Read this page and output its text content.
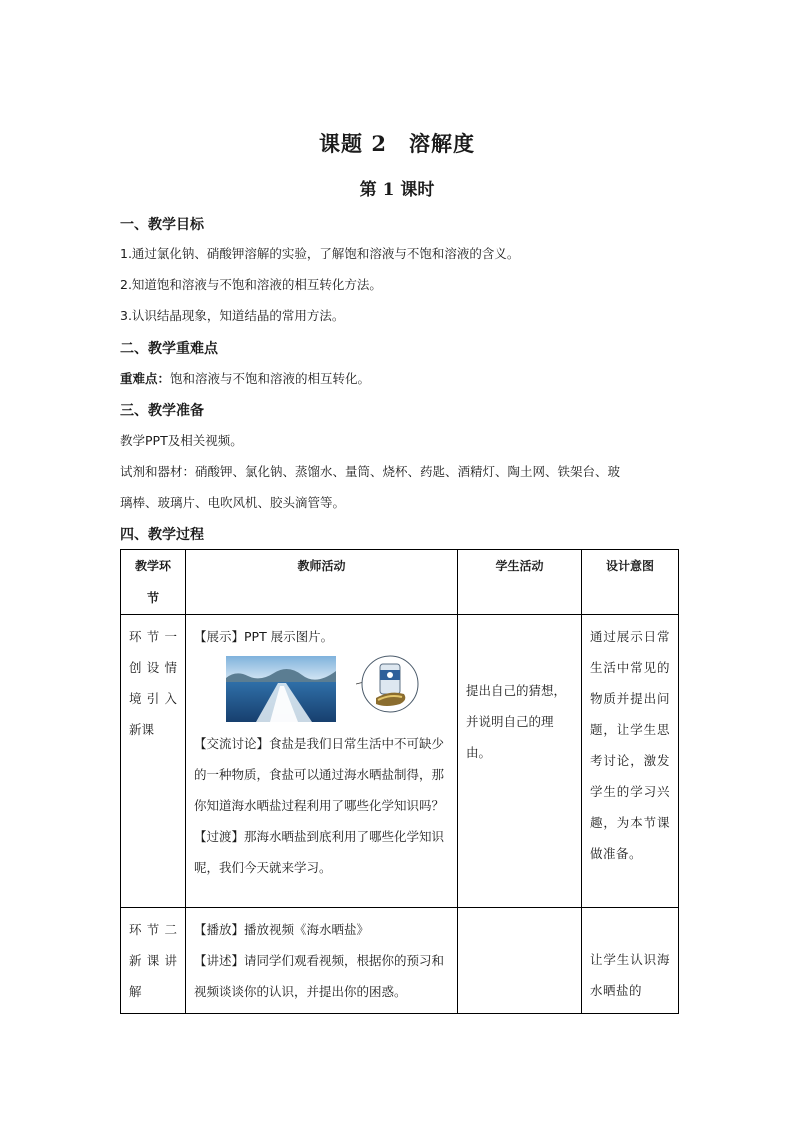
课题 2 溶解度
第 1 课时
一、教学目标
1.通过氯化钠、硝酸钾溶解的实验，了解饱和溶液与不饱和溶液的含义。
2.知道饱和溶液与不饱和溶液的相互转化方法。
3.认识结晶现象，知道结晶的常用方法。
二、教学重难点
重难点：饱和溶液与不饱和溶液的相互转化。
三、教学准备
教学PPT及相关视频。
试剂和器材：硝酸钾、氯化钠、蒸馏水、量筒、烧杯、药匙、酒精灯、陶土网、铁架台、玻
璃棒、玻璃片、电吹风机、胶头滴管等。
四、教学过程
教学环节	教师活动	学生活动	设计意图

环节一创设情境引入新课	【展示】PPT 展示图片。
【交流讨论】食盐是我们日常生活中不可缺少的一种物质，食盐可以通过海水晒盐制得，那你知道海水晒盐过程利用了哪些化学知识吗？
【过渡】那海水晒盐到底利用了哪些化学知识呢，我们今天就来学习。	提出自己的猜想，并说明自己的理由。	通过展示日常生活中常见的物质并提出问题，让学生思考讨论，激发学生的学习兴趣，为本节课做准备。

环节二新课讲解	【播放】播放视频《海水晒盐》
【讲述】请同学们观看视频，根据你的预习和视频谈谈你的认识，并提出你的困惑。		让学生认识海水晒盐的
